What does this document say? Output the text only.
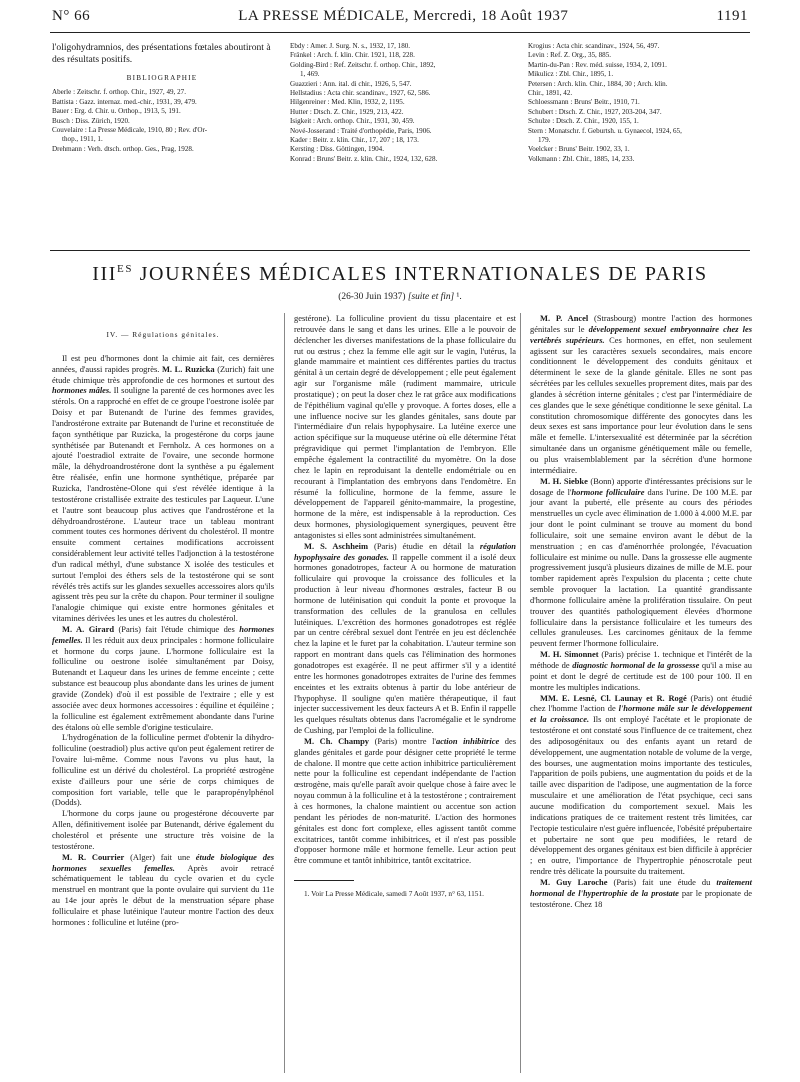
N° 66	LA PRESSE MÉDICALE, Mercredi, 18 Août 1937	1191
l'oligohydramnios, des présentations fœtales aboutiront à des résultats positifs.
BIBLIOGRAPHIE
Aberle : Zeitschr. f. orthop. Chir., 1927, 49, 27.
Battista : Gazz. internaz. med.-chir., 1931, 39, 479.
Bauer : Erg. d. Chir. u. Orthop., 1913, 5, 191.
Busch : Diss. Zürich, 1920.
Couvelaire : La Presse Médicale, 1910, 80 ; Rev. d'Or-
thop., 1911, 1.
Drehmann : Verh. dtsch. orthop. Ges., Prag, 1928.
Ebdy : Amer. J. Surg. N. s., 1932, 17, 180.
Fränkel : Arch. f. klin. Chir. 1921, 118, 228.
Golding-Bird : Ref. Zeitschr. f. orthop. Chir., 1892,
1, 469.
Guazzieri : Ann. ital. di chir., 1926, 5, 547.
Hellstadius : Acta chir. scandinav., 1927, 62, 586.
Hilgenreiner : Med. Klin, 1932, 2, 1195.
Hutter : Dtsch. Z. Chir., 1929, 213, 422.
Isigkeit : Arch. orthop. Chir., 1931, 30, 459.
Nové-Josserand : Traité d'orthopédie, Paris, 1906.
Kader : Beitr. z. klin. Chir., 17, 207 ; 18, 173.
Kersting : Diss. Göttingen, 1904.
Konrad : Bruns' Beitr. z. klin. Chir., 1924, 132, 628.
Krogius : Acta chir. scandinav., 1924, 56, 497.
Levin : Ref. Z. Org., 35, 885.
Martin-du-Pan : Rev. méd. suisse, 1934, 2, 1091.
Mikulicz : Zbl. Chir., 1895, 1.
Petersen : Arch. klin. Chir., 1884, 30 ; Arch. klin.
Chir., 1891, 42.
Schloessmann : Bruns' Beitr., 1910, 71.
Schubert : Dtsch. Z. Chir., 1927, 203-204, 347.
Schulze : Dtsch. Z. Chir., 1920, 155, 1.
Stern : Monatschr. f. Geburtsh. u. Gynaecol, 1924, 65,
179.
Voelcker : Bruns' Beitr. 1902, 33, 1.
Volkmann : Zbl. Chir., 1885, 14, 233.
$III^{ES}$ JOURNÉES MÉDICALES INTERNATIONALES DE PARIS
(26-30 Juin 1937) [suite et fin] ¹.

IV. — Régulations génitales.

Il est peu d'hormones dont la chimie ait fait, ces dernières années, d'aussi rapides progrès. M. L. Ruzicka (Zurich) fait une étude chimique très approfondie de ces hormones et surtout des hormones mâles. Il souligne la parenté de ces hormones avec les stérols. On a rapproché en effet de ce groupe l'oestrone isolée par Doisy et par Butenandt de l'urine des femmes gravides, l'androstérone extraite par Butenandt de l'urine et reconstituée de façon synthétique par Ruzicka, la progestérone du corps jaune synthétisée par Butenandt et Fernholz. A ces hormones on a ajouté l'oestradiol extraite de l'ovaire, une seconde hormone mâle, la déhydroandrostérone dont la synthèse a pu également être réalisée, enfin une hormone synthétique, préparée par Ruzicka, l'androstène-Olone qui s'est révélée identique à la testostérone cristallisée extraite des testicules par Laqueur. L'une et l'autre sont beaucoup plus actives que l'androstérone et la déhydroandrostérone. L'auteur trace un tableau montrant comment toutes ces hormones dérivent du cholestérol. Il montre ensuite comment certaines modifications accroissent considérablement leur activité telles l'adjonction à la testostérone d'un radical méthyl, d'une substance X isolée des testicules et surtout l'emploi des éthers sels de la testostérone qui se sont révélés très actifs sur les glandes sexuelles accessoires alors qu'ils agissent très peu sur la crête du chapon. Pour terminer il souligne l'analogie chimique qui existe entre hormones génitales et vitamines dérivées les unes et les autres du cholestérol.

M. A. Girard (Paris) fait l'étude chimique des hormones femelles. Il les réduit aux deux principales : hormone folliculaire et hormone du corps jaune. L'hormone folliculaire est la folliculine ou oestrone isolée simultanément par Doisy, Butenandt et Laqueur dans les urines de femme enceinte ; cette substance est beaucoup plus abondante dans les urines de jument gravide (Zondek) d'où il est possible de l'extraire ; elle y est associée avec deux hormones accessoires : équiline et équiléine ; la folliculine est également extrêmement abondante dans l'urine des étalons où elle semble d'origine testiculaire.

L'hydrogénation de la folliculine permet d'obtenir la dihydro-folliculine (oestradiol) plus active qu'on peut également retirer de l'ovaire lui-même. Comme nous l'avons vu plus haut, la folliculine est un dérivé du cholestérol. La propriété œstrogène existe d'ailleurs pour une série de corps chimiques de composition fort variable, telle que le parapropénylphénol (Dodds).

L'hormone du corps jaune ou progestérone découverte par Allen, définitivement isolée par Butenandt, dérive également du cholestérol et présente une structure très voisine de la testostérone.

M. R. Courrier (Alger) fait une étude biologique des hormones sexuelles femelles. Après avoir retracé schématiquement le tableau du cycle ovarien et du cycle menstruel en montrant que la ponte ovulaire qui survient du 11e au 14e jour après le début de la menstruation sépare phase folliculaire et phase lutéinique l'auteur montre l'action des deux hormones : folliculine et lutéine (pro-

gestérone). La folliculine provient du tissu placentaire et est retrouvée dans le sang et dans les urines. Elle a le pouvoir de déclencher les diverses manifestations de la phase folliculaire du rut ou œstrus ; chez la femme elle agit sur le vagin, l'utérus, la glande mammaire et maintient ces différentes parties du tractus génital à un certain degré de développement ; elle peut également agir sur l'organisme mâle (rudiment mammaire, utricule prostatique) ; on peut la doser chez le rat grâce aux modifications de l'épithélium vaginal qu'elle y provoque. A fortes doses, elle a une influence nocive sur les glandes génitales, sans doute par l'intermédiaire d'un relais hypophysaire. La lutéine exerce une action spécifique sur la muqueuse utérine où elle détermine l'état prégravidique qui permet l'implantation de l'embryon. Elle empêche également la contractilité du myomètre. On la dose chez le lapin en reproduisant la dentelle endométriale ou en recourant à l'implantation des embryons dans l'endomètre. En résumé la folliculine, hormone de la femme, assure le développement de l'appareil génito-mammaire, la progestine, hormone de la mère, est indispensable à la reproduction. Ces deux hormones, physiologiquement synergiques, peuvent être antagonistes si elles sont administrées simultanément.

M. S. Aschheim (Paris) étudie en détail la régulation hypophysaire des gonades. Il rappelle comment il a isolé deux hormones gonadotropes, facteur A ou hormone de maturation folliculaire qui provoque la croissance des follicules et la production à leur niveau d'hormones œstrales, facteur B ou hormone de lutéinisation qui conduit la ponte et provoque la transformation des cellules de la granulosa en cellules lutéiniques. L'excrétion des hormones gonadotropes est réglée par un centre cérébral sexuel dont l'entrée en jeu est déclenchée chez la lapine et le furet par la cohabitation. L'auteur termine son rapport en montrant dans quels cas l'élimination des hormones gonadotropes est exagérée. Il ne peut affirmer s'il y a identité entre les hormones gonadotropes extraites de l'urine des femmes enceintes et les extraits obtenus à partir du lobe antérieur de l'hypophyse. Il souligne qu'en matière thérapeutique, il faut injecter successivement les deux facteurs A et B. Enfin il rappelle les quelques résultats obtenus dans l'acromégalie et le syndrome de Cushing, par l'emploi de la folliculine.

M. Ch. Champy (Paris) montre l'action inhibitrice des glandes génitales et garde pour désigner cette propriété le terme de chalone. Il montre que cette action inhibitrice particulièrement nette pour la folliculine est cependant indépendante de l'action œstrogène, mais qu'elle paraît avoir quelque chose à faire avec le noyau commun à la folliculine et à la testostérone ; contrairement à ces hormones, la chalone maintient ou accentue son action pendant les périodes de non-maturité. L'action des hormones génitales est donc fort complexe, elles agissent tantôt comme excitatrices, tantôt comme inhibitrices, et il n'est pas possible d'opposer hormone mâle et hormone femelle. Leur action peut être commune et tantôt inhibitrice, tantôt excitatrice.

1. Voir La Presse Médicale, samedi 7 Août 1937, n° 63, 1151.

M. P. Ancel (Strasbourg) montre l'action des hormones génitales sur le développement sexuel embryonnaire chez les vertébrés supérieurs. Ces hormones, en effet, non seulement agissent sur les caractères sexuels secondaires, mais encore conditionnent le développement des conduits génitaux et déterminent le sexe de la glande génitale. Elles ne sont pas sécrétées par les cellules sexuelles proprement dites, mais par des glandes à sécrétion interne génitales ; c'est par l'intermédiaire de ces glandes que le sexe génétique conditionne le sexe génital. La constitution chromosomique différente des gonocytes dans les deux sexes est sans importance pour leur évolution dans le sens mâle et femelle. L'intersexualité est déterminée par la sécrétion simultanée dans un organisme génétiquement mâle ou femelle, ou plus vraisemblablement par la sécrétion d'une hormone intermédiaire.

M. H. Siebke (Bonn) apporte d'intéressantes précisions sur le dosage de l'hormone folliculaire dans l'urine. De 100 M.E. par jour avant la puberté, elle présente au cours des périodes menstruelles un cycle avec élimination de 1.000 à 4.000 M.E. par jour dont le point culminant se trouve au moment du bond folliculaire, soit une semaine environ avant le début de la menstruation ; en cas d'aménorrhée prolongée, l'évacuation folliculaire est minime ou nulle. Dans la grossesse elle augmente progressivement jusqu'à plusieurs dizaines de mille de M.E. pour tomber rapidement après l'expulsion du placenta ; cette chute semble provoquer la lactation. La quantité grandissante d'hormone folliculaire amène la prolifération tissulaire. On peut trouver des quantités pathologiquement élevées d'hormone folliculaire dans la persistance folliculaire et les tumeurs des cellules granuleuses. Les carcinomes génitaux de la femme peuvent fermer l'hormone folliculaire.

M. H. Simonnet (Paris) précise 1. technique et l'intérêt de la méthode de diagnostic hormonal de la grossesse qu'il a mise au point et dont le degré de certitude est de 100 pour 100. Il en montre les multiples indications.

MM. E. Lesné, Cl. Launay et R. Rogé (Paris) ont étudié chez l'homme l'action de l'hormone mâle sur le développement et la croissance. Ils ont employé l'acétate et le propionate de testostérone et ont constaté sous l'influence de ce traitement, chez des adiposogénitaux ou des enfants ayant un retard de développement, une augmentation notable de volume de la verge, des bourses, une augmentation moins importante des testicules, l'apparition de poils pubiens, une augmentation du poids et de la taille avec disparition de l'adipose, une augmentation de la force musculaire et une amélioration de l'état psychique, ceci sans aucune modification du comportement sexuel. Mais les indications pratiques de ce traitement restent très limitées, car l'ectopie testiculaire n'est guère influencée, l'obésité prépubertaire et pubertaire ne sont que peu modifiées, le retard de développement des organes génitaux est bien difficile à apprécier ; en outre, l'importance de l'hypertrophie pénoscrotale peut rendre très délicate la poursuite du traitement.

M. Guy Laroche (Paris) fait une étude du traitement hormonal de l'hypertrophie de la prostate par le propionate de testostérone. Chez 18
